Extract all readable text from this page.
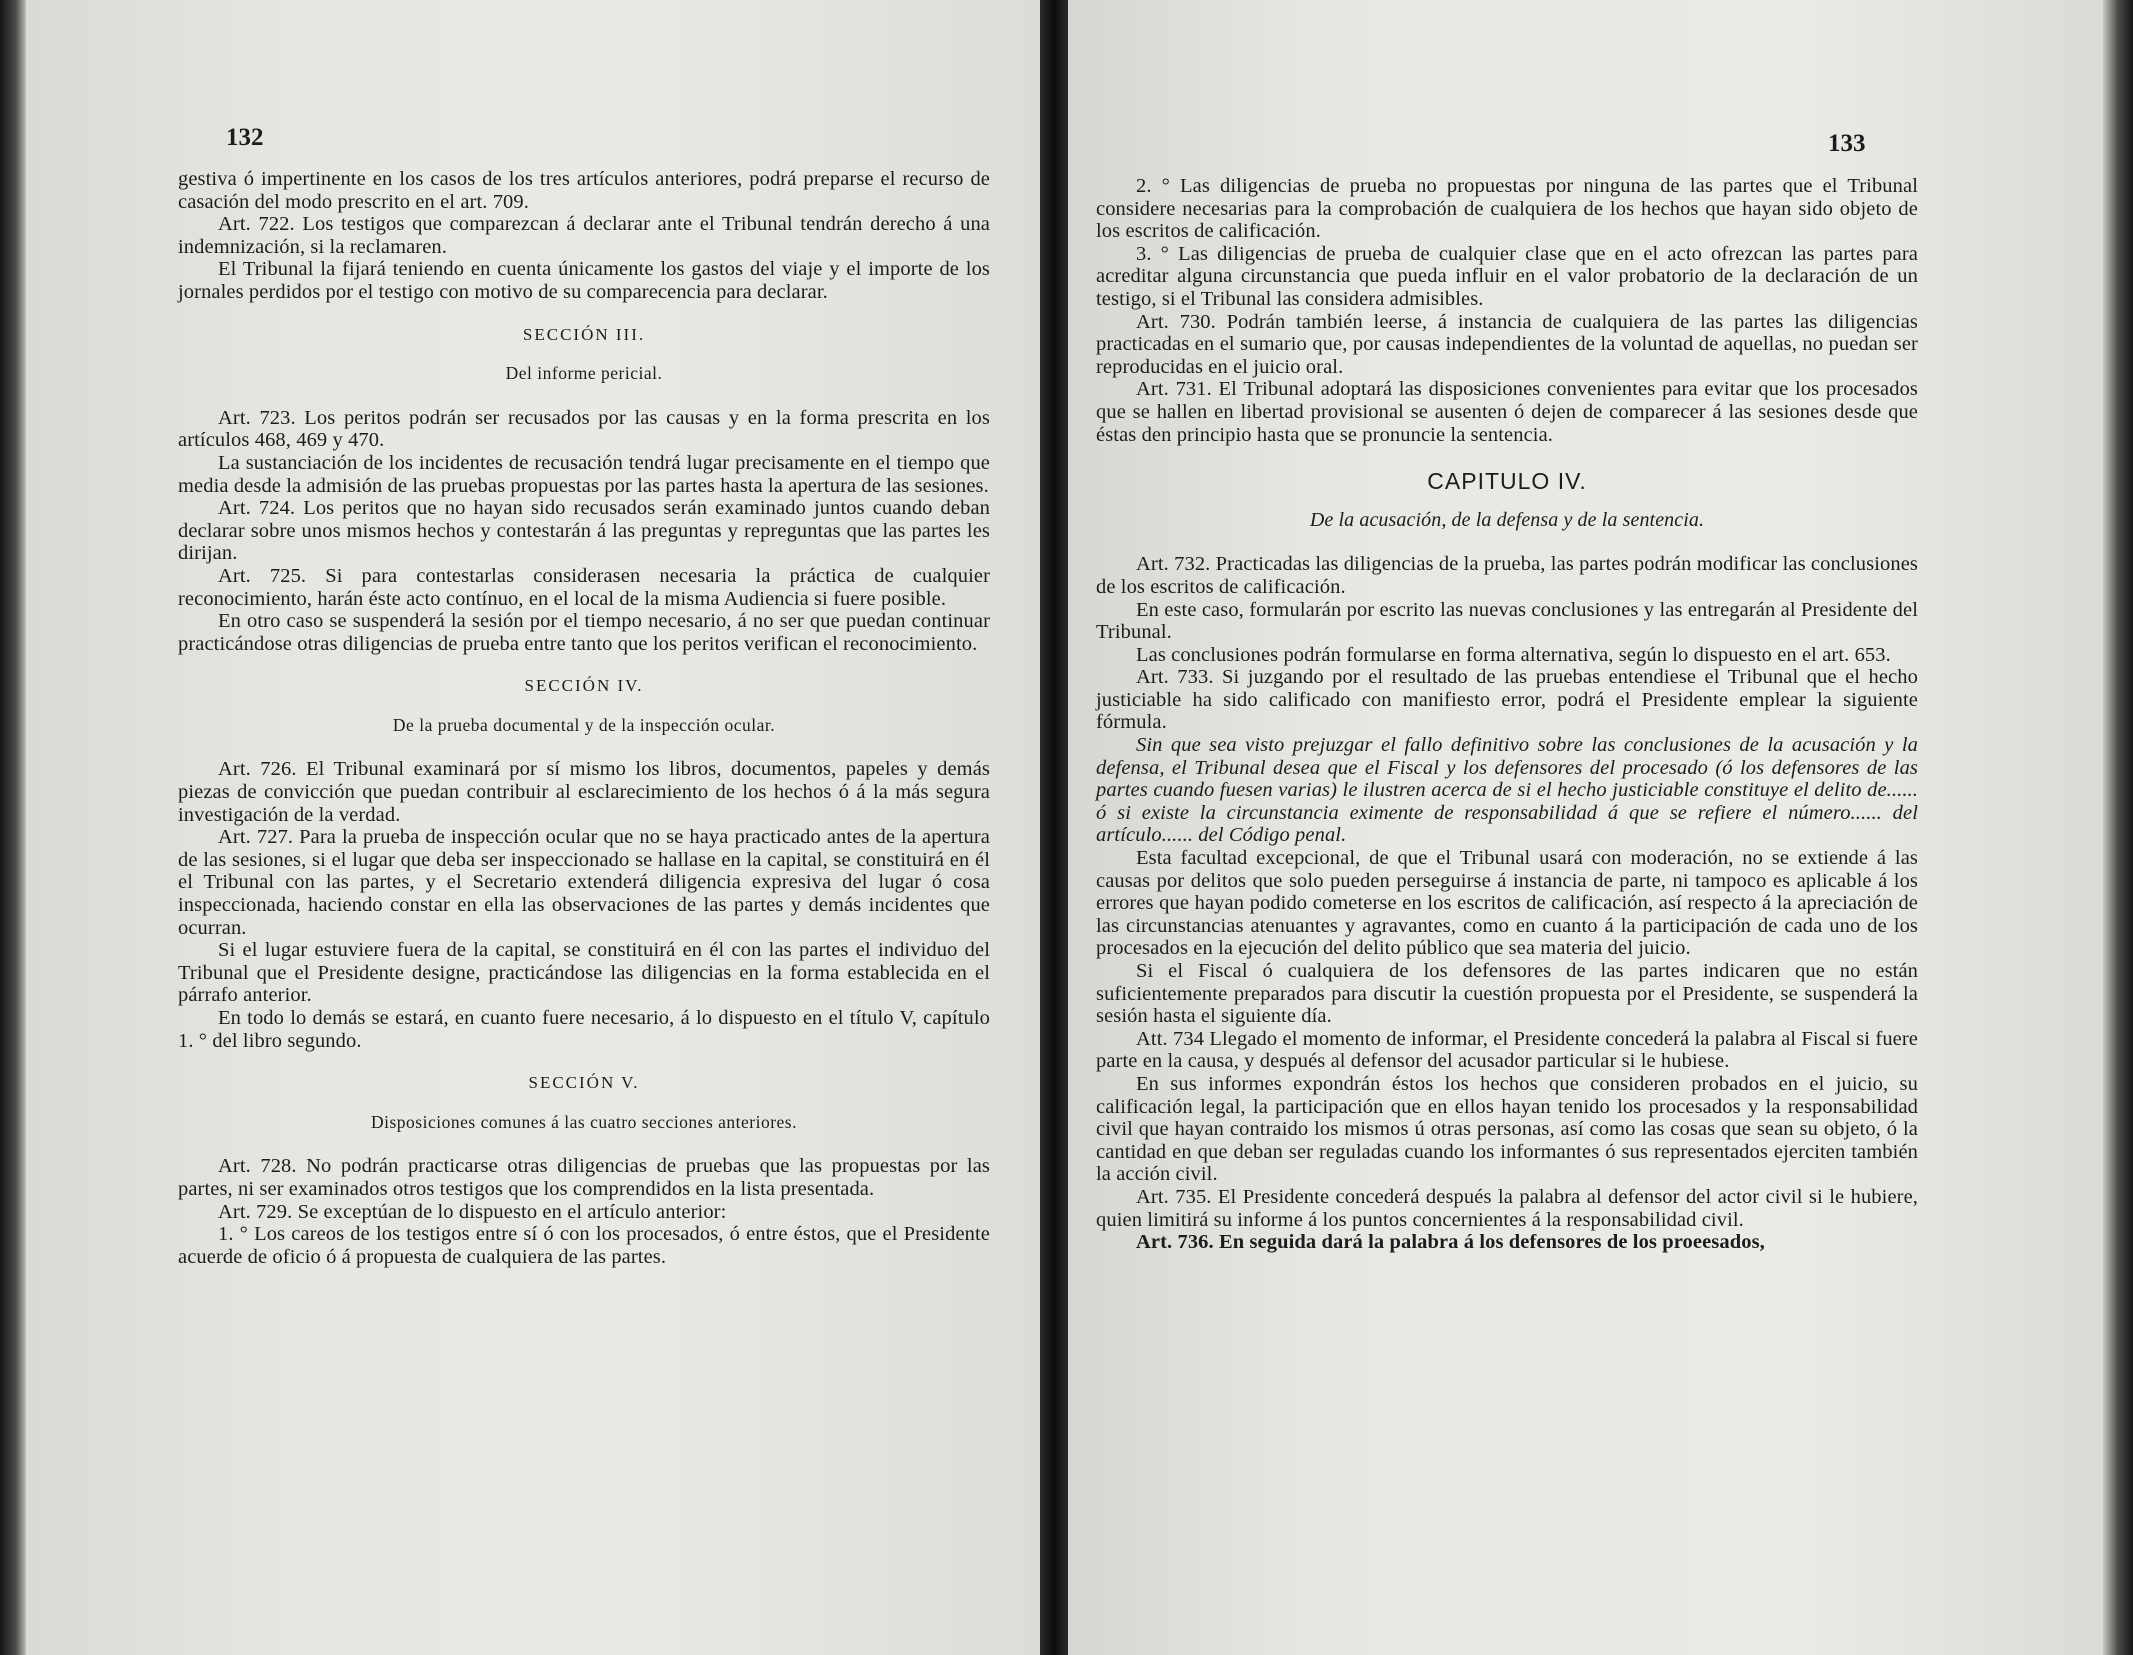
132

gestiva ó impertinente en los casos de los tres artículos anteriores, podrá preparse el recurso de casación del modo prescrito en el art. 709.

Art. 722. Los testigos que comparezcan á declarar ante el Tribunal tendrán derecho á una indemnización, si la reclamaren.

El Tribunal la fijará teniendo en cuenta únicamente los gastos del viaje y el importe de los jornales perdidos por el testigo con motivo de su comparecencia para declarar.

SECCIÓN III.

Del informe pericial.

Art. 723. Los peritos podrán ser recusados por las causas y en la forma prescrita en los artículos 468, 469 y 470.

La sustanciación de los incidentes de recusación tendrá lugar precisamente en el tiempo que media desde la admisión de las pruebas propuestas por las partes hasta la apertura de las sesiones.

Art. 724. Los peritos que no hayan sido recusados serán examinado juntos cuando deban declarar sobre unos mismos hechos y contestarán á las preguntas y repreguntas que las partes les dirijan.

Art. 725. Si para contestarlas considerasen necesaria la práctica de cualquier reconocimiento, harán éste acto contínuo, en el local de la misma Audiencia si fuere posible.

En otro caso se suspenderá la sesión por el tiempo necesario, á no ser que puedan continuar practicándose otras diligencias de prueba entre tanto que los peritos verifican el reconocimiento.

SECCIÓN IV.

De la prueba documental y de la inspección ocular.

Art. 726. El Tribunal examinará por sí mismo los libros, documentos, papeles y demás piezas de convicción que puedan contribuir al esclarecimiento de los hechos ó á la más segura investigación de la verdad.

Art. 727. Para la prueba de inspección ocular que no se haya practicado antes de la apertura de las sesiones, si el lugar que deba ser inspeccionado se hallase en la capital, se constituirá en él el Tribunal con las partes, y el Secretario extenderá diligencia expresiva del lugar ó cosa inspeccionada, haciendo constar en ella las observaciones de las partes y demás incidentes que ocurran.

Si el lugar estuviere fuera de la capital, se constituirá en él con las partes el individuo del Tribunal que el Presidente designe, practicándose las diligencias en la forma establecida en el párrafo anterior.

En todo lo demás se estará, en cuanto fuere necesario, á lo dispuesto en el título V, capítulo 1. ° del libro segundo.

SECCIÓN V.

Disposiciones comunes á las cuatro secciones anteriores.

Art. 728. No podrán practicarse otras diligencias de pruebas que las propuestas por las partes, ni ser examinados otros testigos que los comprendidos en la lista presentada.

Art. 729. Se exceptúan de lo dispuesto en el artículo anterior:

1. ° Los careos de los testigos entre sí ó con los procesados, ó entre éstos, que el Presidente acuerde de oficio ó á propuesta de cualquiera de las partes.

133

2. ° Las diligencias de prueba no propuestas por ninguna de las partes que el Tribunal considere necesarias para la comprobación de cualquiera de los hechos que hayan sido objeto de los escritos de calificación.

3. ° Las diligencias de prueba de cualquier clase que en el acto ofrezcan las partes para acreditar alguna circunstancia que pueda influir en el valor probatorio de la declaración de un testigo, si el Tribunal las considera admisibles.

Art. 730. Podrán también leerse, á instancia de cualquiera de las partes las diligencias practicadas en el sumario que, por causas independientes de la voluntad de aquellas, no puedan ser reproducidas en el juicio oral.

Art. 731. El Tribunal adoptará las disposiciones convenientes para evitar que los procesados que se hallen en libertad provisional se ausenten ó dejen de comparecer á las sesiones desde que éstas den principio hasta que se pronuncie la sentencia.

CAPITULO IV.

De la acusación, de la defensa y de la sentencia.

Art. 732. Practicadas las diligencias de la prueba, las partes podrán modificar las conclusiones de los escritos de calificación.

En este caso, formularán por escrito las nuevas conclusiones y las entregarán al Presidente del Tribunal.

Las conclusiones podrán formularse en forma alternativa, según lo dispuesto en el art. 653.

Art. 733. Si juzgando por el resultado de las pruebas entendiese el Tribunal que el hecho justiciable ha sido calificado con manifiesto error, podrá el Presidente emplear la siguiente fórmula.

Sin que sea visto prejuzgar el fallo definitivo sobre las conclusiones de la acusación y la defensa, el Tribunal desea que el Fiscal y los defensores del procesado (ó los defensores de las partes cuando fuesen varias) le ilustren acerca de si el hecho justiciable constituye el delito de...... ó si existe la circunstancia eximente de responsabilidad á que se refiere el número...... del artículo...... del Código penal.

Esta facultad excepcional, de que el Tribunal usará con moderación, no se extiende á las causas por delitos que solo pueden perseguirse á instancia de parte, ni tampoco es aplicable á los errores que hayan podido cometerse en los escritos de calificación, así respecto á la apreciación de las circunstancias atenuantes y agravantes, como en cuanto á la participación de cada uno de los procesados en la ejecución del delito público que sea materia del juicio.

Si el Fiscal ó cualquiera de los defensores de las partes indicaren que no están suficientemente preparados para discutir la cuestión propuesta por el Presidente, se suspenderá la sesión hasta el siguiente día.

Att. 734 Llegado el momento de informar, el Presidente concederá la palabra al Fiscal si fuere parte en la causa, y después al defensor del acusador particular si le hubiese.

En sus informes expondrán éstos los hechos que consideren probados en el juicio, su calificación legal, la participación que en ellos hayan tenido los procesados y la responsabilidad civil que hayan contraido los mismos ú otras personas, así como las cosas que sean su objeto, ó la cantidad en que deban ser reguladas cuando los informantes ó sus representados ejerciten también la acción civil.

Art. 735. El Presidente concederá después la palabra al defensor del actor civil si le hubiere, quien limitirá su informe á los puntos concernientes á la responsabilidad civil.

Art. 736. En seguida dará la palabra á los defensores de los proeesados,
